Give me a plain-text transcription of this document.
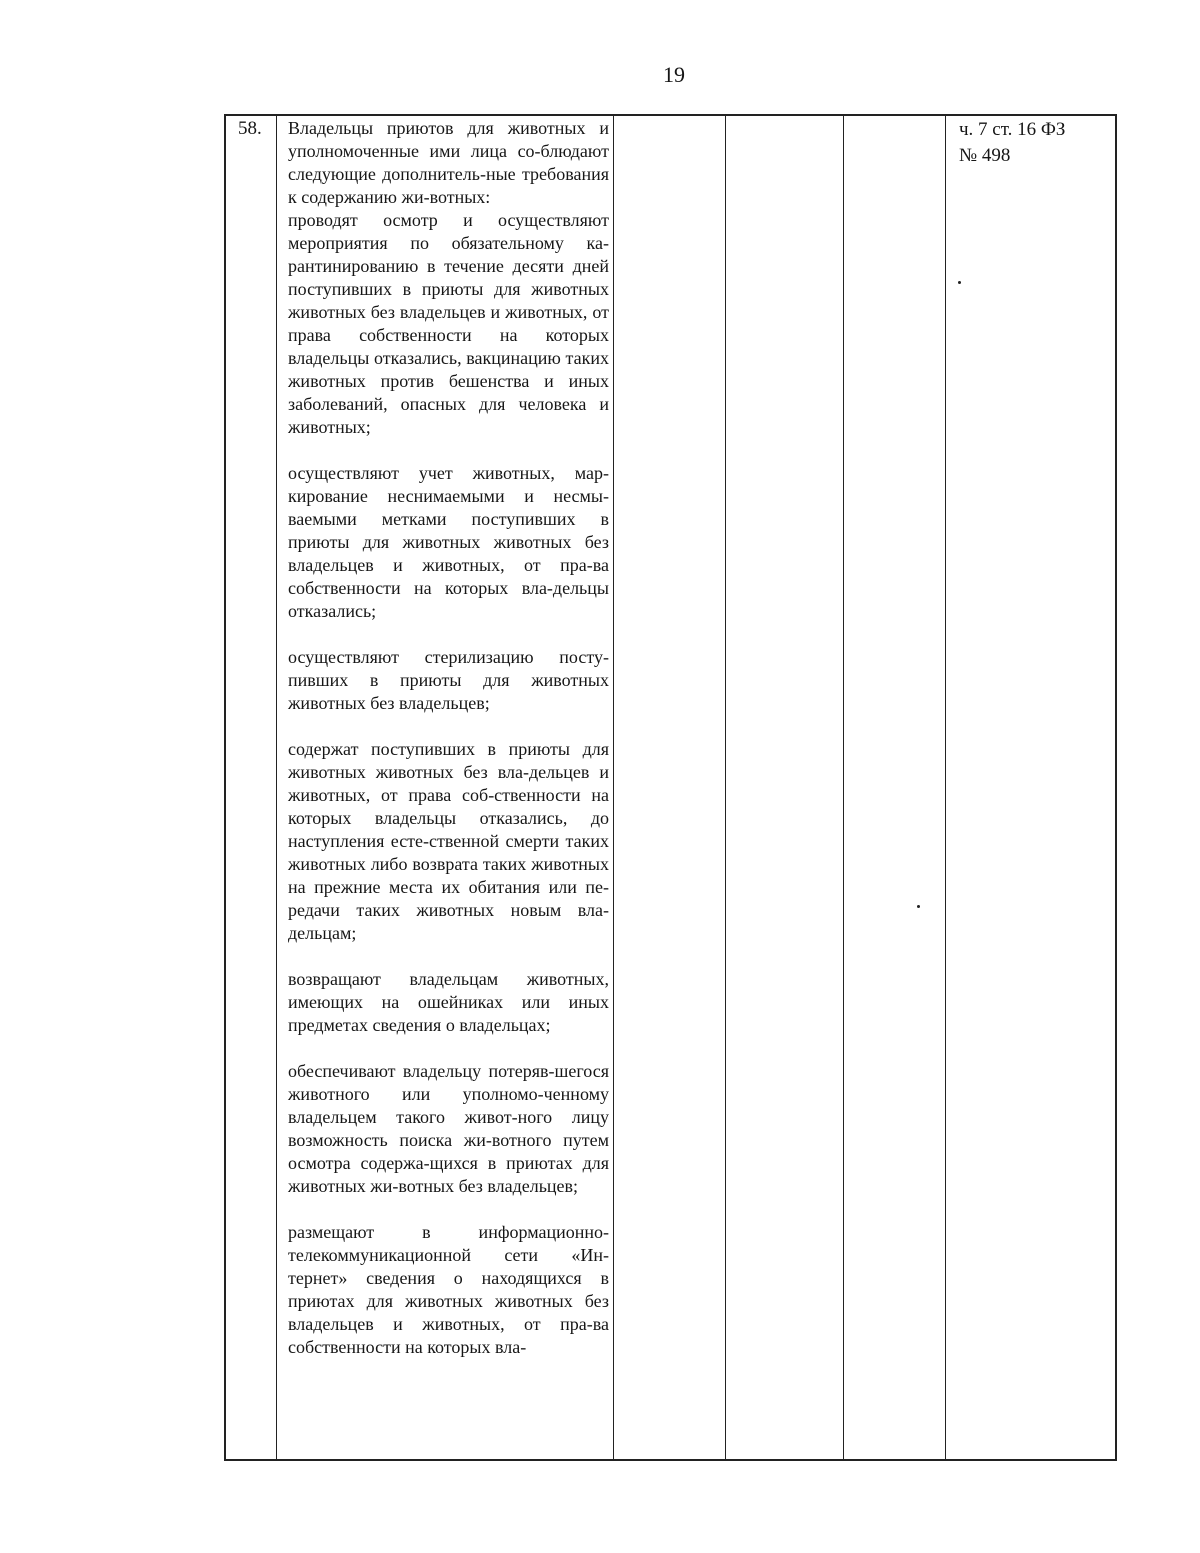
19
58. Владельцы приютов для животных и уполномоченные ими лица со-блюдают следующие дополнитель-ные требования к содержанию жи-вотных:

проводят осмотр и осуществляют мероприятия по обязательному ка-рантинированию в течение десяти дней поступивших в приюты для животных животных без владельцев и животных, от права собственности на которых владельцы отказались, вакцинацию таких животных против бешенства и иных заболеваний, опасных для человека и животных;

осуществляют учет животных, мар-кирование неснимаемыми и несмы-ваемыми метками поступивших в приюты для животных животных без владельцев и животных, от пра-ва собственности на которых вла-дельцы отказались;

осуществляют стерилизацию посту-пивших в приюты для животных животных без владельцев;

содержат поступивших в приюты для животных животных без вла-дельцев и животных, от права соб-ственности на которых владельцы отказались, до наступления есте-ственной смерти таких животных либо возврата таких животных на прежние места их обитания или пе-редачи таких животных новым вла-дельцам;

возвращают владельцам животных, имеющих на ошейниках или иных предметах сведения о владельцах;

обеспечивают владельцу потеряв-шегося животного или уполномо-ченному владельцем такого живот-ного лицу возможность поиска жи-вотного путем осмотра содержа-щихся в приютах для животных жи-вотных без владельцев;

размещают в информационно-телекоммуникационной сети «Ин-тернет» сведения о находящихся в приютах для животных животных без владельцев и животных, от пра-ва собственности на которых вла-

ч. 7 ст. 16 ФЗ
№ 498
